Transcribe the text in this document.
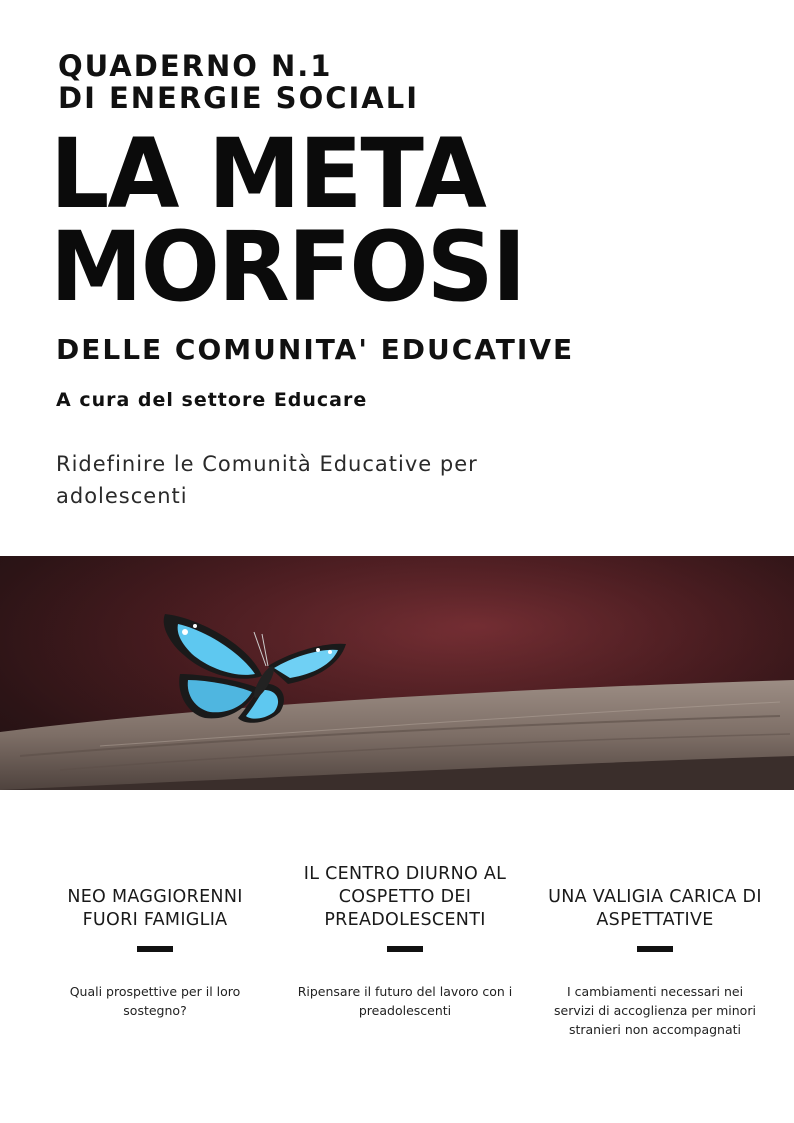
QUADERNO N.1
DI ENERGIE SOCIALI
LA META
MORFOSI
DELLE COMUNITA' EDUCATIVE
A cura del settore Educare
Ridefinire le Comunità Educative per adolescenti
NEO MAGGIORENNI FUORI FAMIGLIA
Quali prospettive per il loro sostegno?
IL CENTRO DIURNO AL COSPETTO DEI PREADOLESCENTI
Ripensare il futuro del lavoro con i preadolescenti
UNA VALIGIA CARICA DI ASPETTATIVE
I cambiamenti necessari nei servizi di accoglienza per minori stranieri non accompagnati
